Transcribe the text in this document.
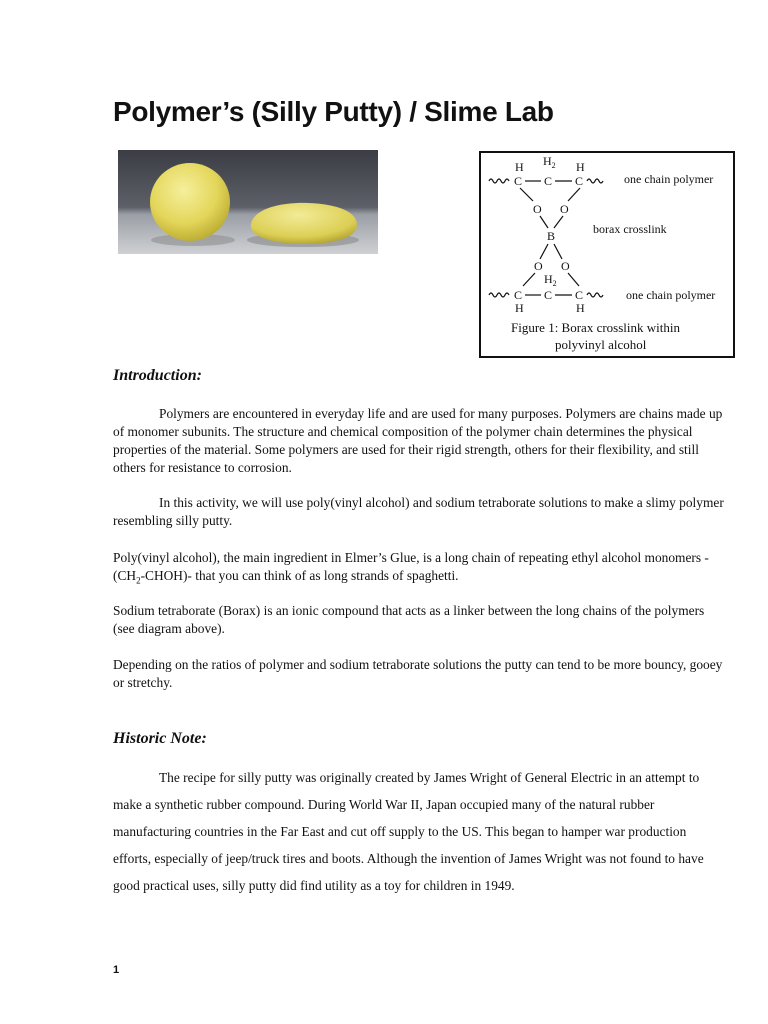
Polymer’s (Silly Putty) / Slime Lab
H $H_2$ H
C C C	one chain polymer
O O
B	borax crosslink
O O
$H_2$
C C C	one chain polymer
H	H
Figure 1: Borax crosslink within
polyvinyl alcohol
Introduction:

Polymers are encountered in everyday life and are used for many purposes. Polymers are chains made up of monomer subunits. The structure and chemical composition of the polymer chain determines the physical properties of the material. Some polymers are used for their rigid strength, others for their flexibility, and still others for resistance to corrosion.

In this activity, we will use poly(vinyl alcohol) and sodium tetraborate solutions to make a slimy polymer resembling silly putty.

Poly(vinyl alcohol), the main ingredient in Elmer’s Glue, is a long chain of repeating ethyl alcohol monomers $-(CH_2-CHOH)-$ that you can think of as long strands of spaghetti.

Sodium tetraborate (Borax) is an ionic compound that acts as a linker between the long chains of the polymers (see diagram above).

Depending on the ratios of polymer and sodium tetraborate solutions the putty can tend to be more bouncy, gooey or stretchy.

Historic Note:

The recipe for silly putty was originally created by James Wright of General Electric in an attempt to make a synthetic rubber compound. During World War II, Japan occupied many of the natural rubber manufacturing countries in the Far East and cut off supply to the US. This began to hamper war production efforts, especially of jeep/truck tires and boots. Although the invention of James Wright was not found to have good practical uses, silly putty did find utility as a toy for children in 1949.

1
